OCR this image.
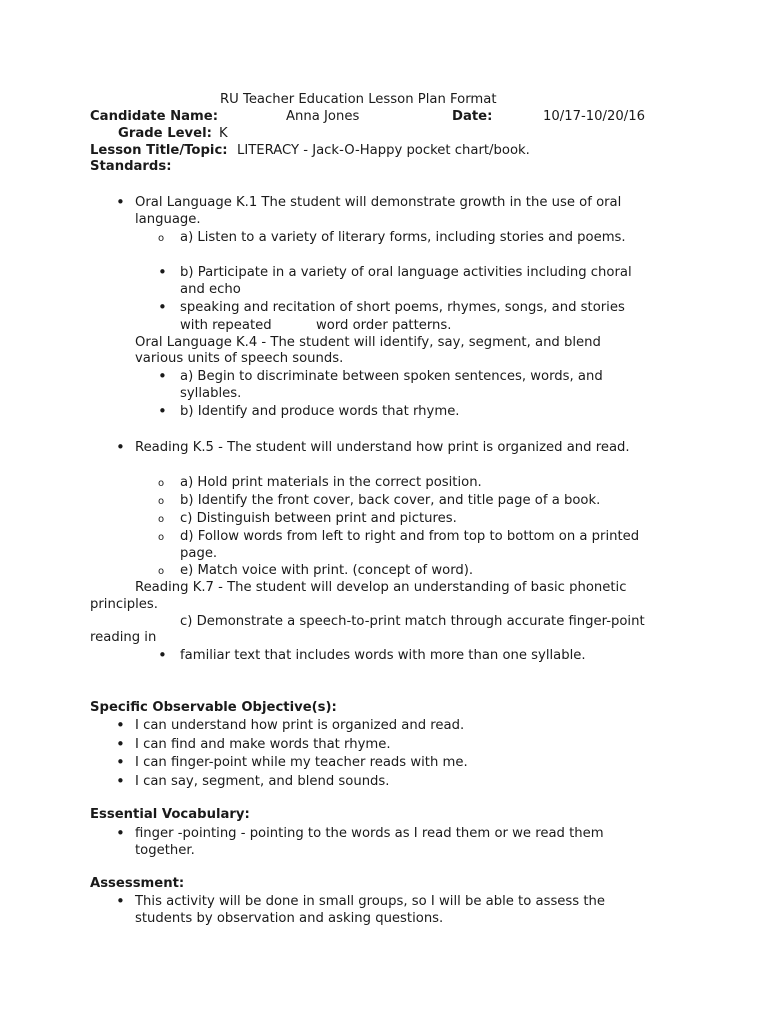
RU Teacher Education Lesson Plan Format
Candidate Name:	Anna Jones	Date:	10/17-10/20/16
Grade Level: K
Lesson Title/Topic: LITERACY - Jack-O-Happy pocket chart/book.
Standards:
• Oral Language K.1 The student will demonstrate growth in the use of oral
language.
o a) Listen to a variety of literary forms, including stories and poems.
• b) Participate in a variety of oral language activities including choral
and echo
• speaking and recitation of short poems, rhymes, songs, and stories
with repeated	word order patterns.
Oral Language K.4 - The student will identify, say, segment, and blend
various units of speech sounds.
• a) Begin to discriminate between spoken sentences, words, and
syllables.
• b) Identify and produce words that rhyme.
• Reading K.5 - The student will understand how print is organized and read.
o a) Hold print materials in the correct position.
o b) Identify the front cover, back cover, and title page of a book.
o c) Distinguish between print and pictures.
o d) Follow words from left to right and from top to bottom on a printed
page.
o e) Match voice with print. (concept of word).
Reading K.7 - The student will develop an understanding of basic phonetic
principles.
c) Demonstrate a speech-to-print match through accurate finger-point
reading in
• familiar text that includes words with more than one syllable.
Specific Observable Objective(s):
• I can understand how print is organized and read.
• I can find and make words that rhyme.
• I can finger-point while my teacher reads with me.
• I can say, segment, and blend sounds.
Essential Vocabulary:
• finger -pointing - pointing to the words as I read them or we read them
together.
Assessment:
• This activity will be done in small groups, so I will be able to assess the
students by observation and asking questions.
